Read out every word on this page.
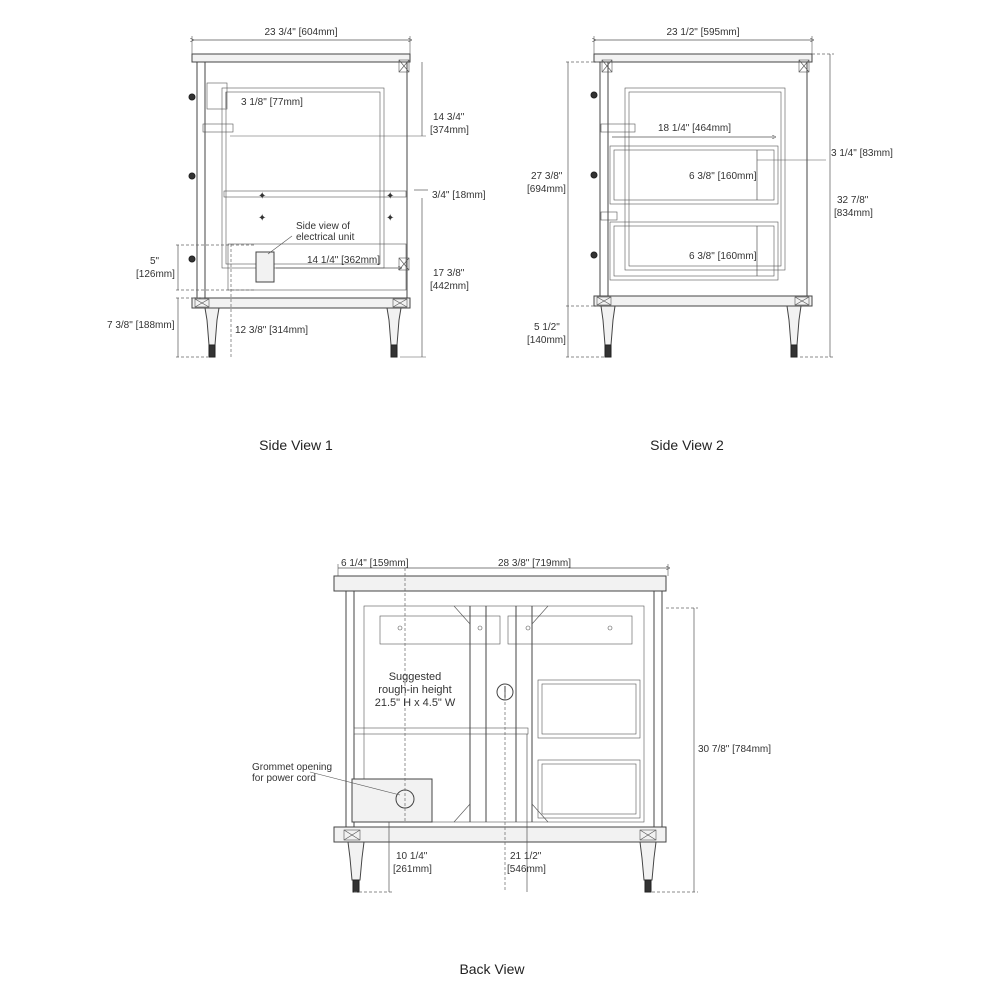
✦	✦
✦	✦
23 3/4" [604mm]
3 1/8" [77mm]
14 3/4"
[374mm]
3/4" [18mm]
Side view of
electrical unit
14 1/4" [362mm]
5"
[126mm]	17 3/8"
[442mm]
7 3/8" [188mm]	12 3/8" [314mm]
Side View 1
23 1/2" [595mm]
18 1/4" [464mm]
3 1/4" [83mm]
6 3/8" [160mm]
6 3/8" [160mm]
27 3/8"
[694mm]
32 7/8"
[834mm]
5 1/2"
[140mm]
Side View 2
6 1/4" [159mm]	28 3/8" [719mm]
Suggested
rough-in height
21.5" H x 4.5" W
Grommet opening
for power cord
30 7/8" [784mm]
10 1/4"
[261mm]
21 1/2"
[546mm]
Back View
